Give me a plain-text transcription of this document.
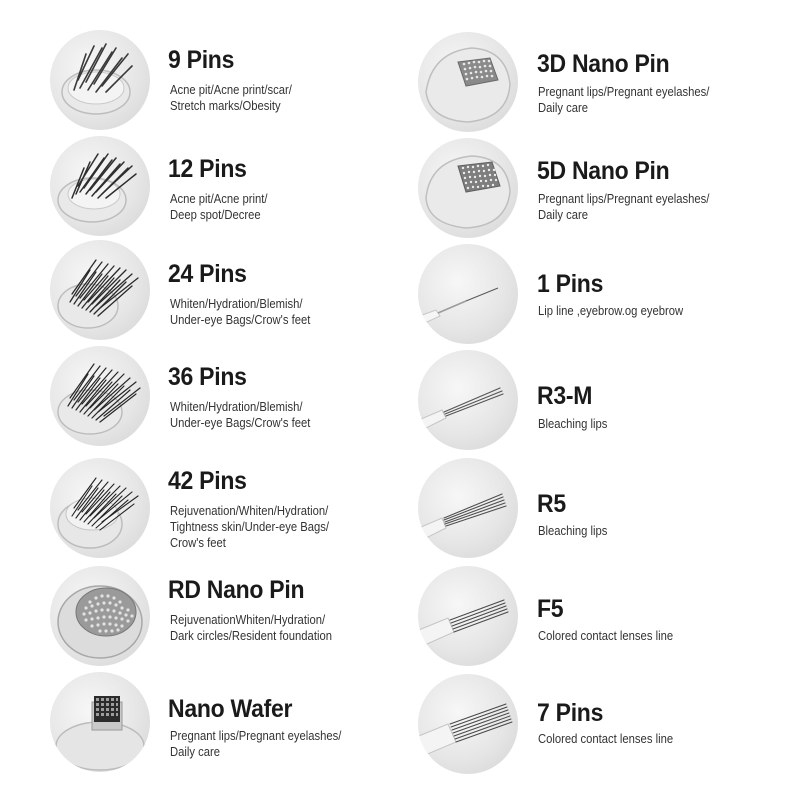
9 Pins
Acne pit/Acne print/scar/
Stretch marks/Obesity
12 Pins
Acne pit/Acne print/
Deep spot/Decree
24 Pins
Whiten/Hydration/Blemish/
Under-eye Bags/Crow's feet
36 Pins
Whiten/Hydration/Blemish/
Under-eye Bags/Crow's feet
42 Pins
Rejuvenation/Whiten/Hydration/
Tightness skin/Under-eye Bags/
Crow's feet
RD Nano Pin
RejuvenationWhiten/Hydration/
Dark circles/Resident foundation
Nano Wafer
Pregnant lips/Pregnant eyelashes/
Daily care
3D Nano Pin
Pregnant lips/Pregnant eyelashes/
Daily care
5D Nano Pin
Pregnant lips/Pregnant eyelashes/
Daily care
1 Pins
Lip line ,eyebrow.og eyebrow
R3-M
Bleaching lips
R5
Bleaching lips
F5
Colored contact lenses line
7 Pins
Colored contact lenses line
